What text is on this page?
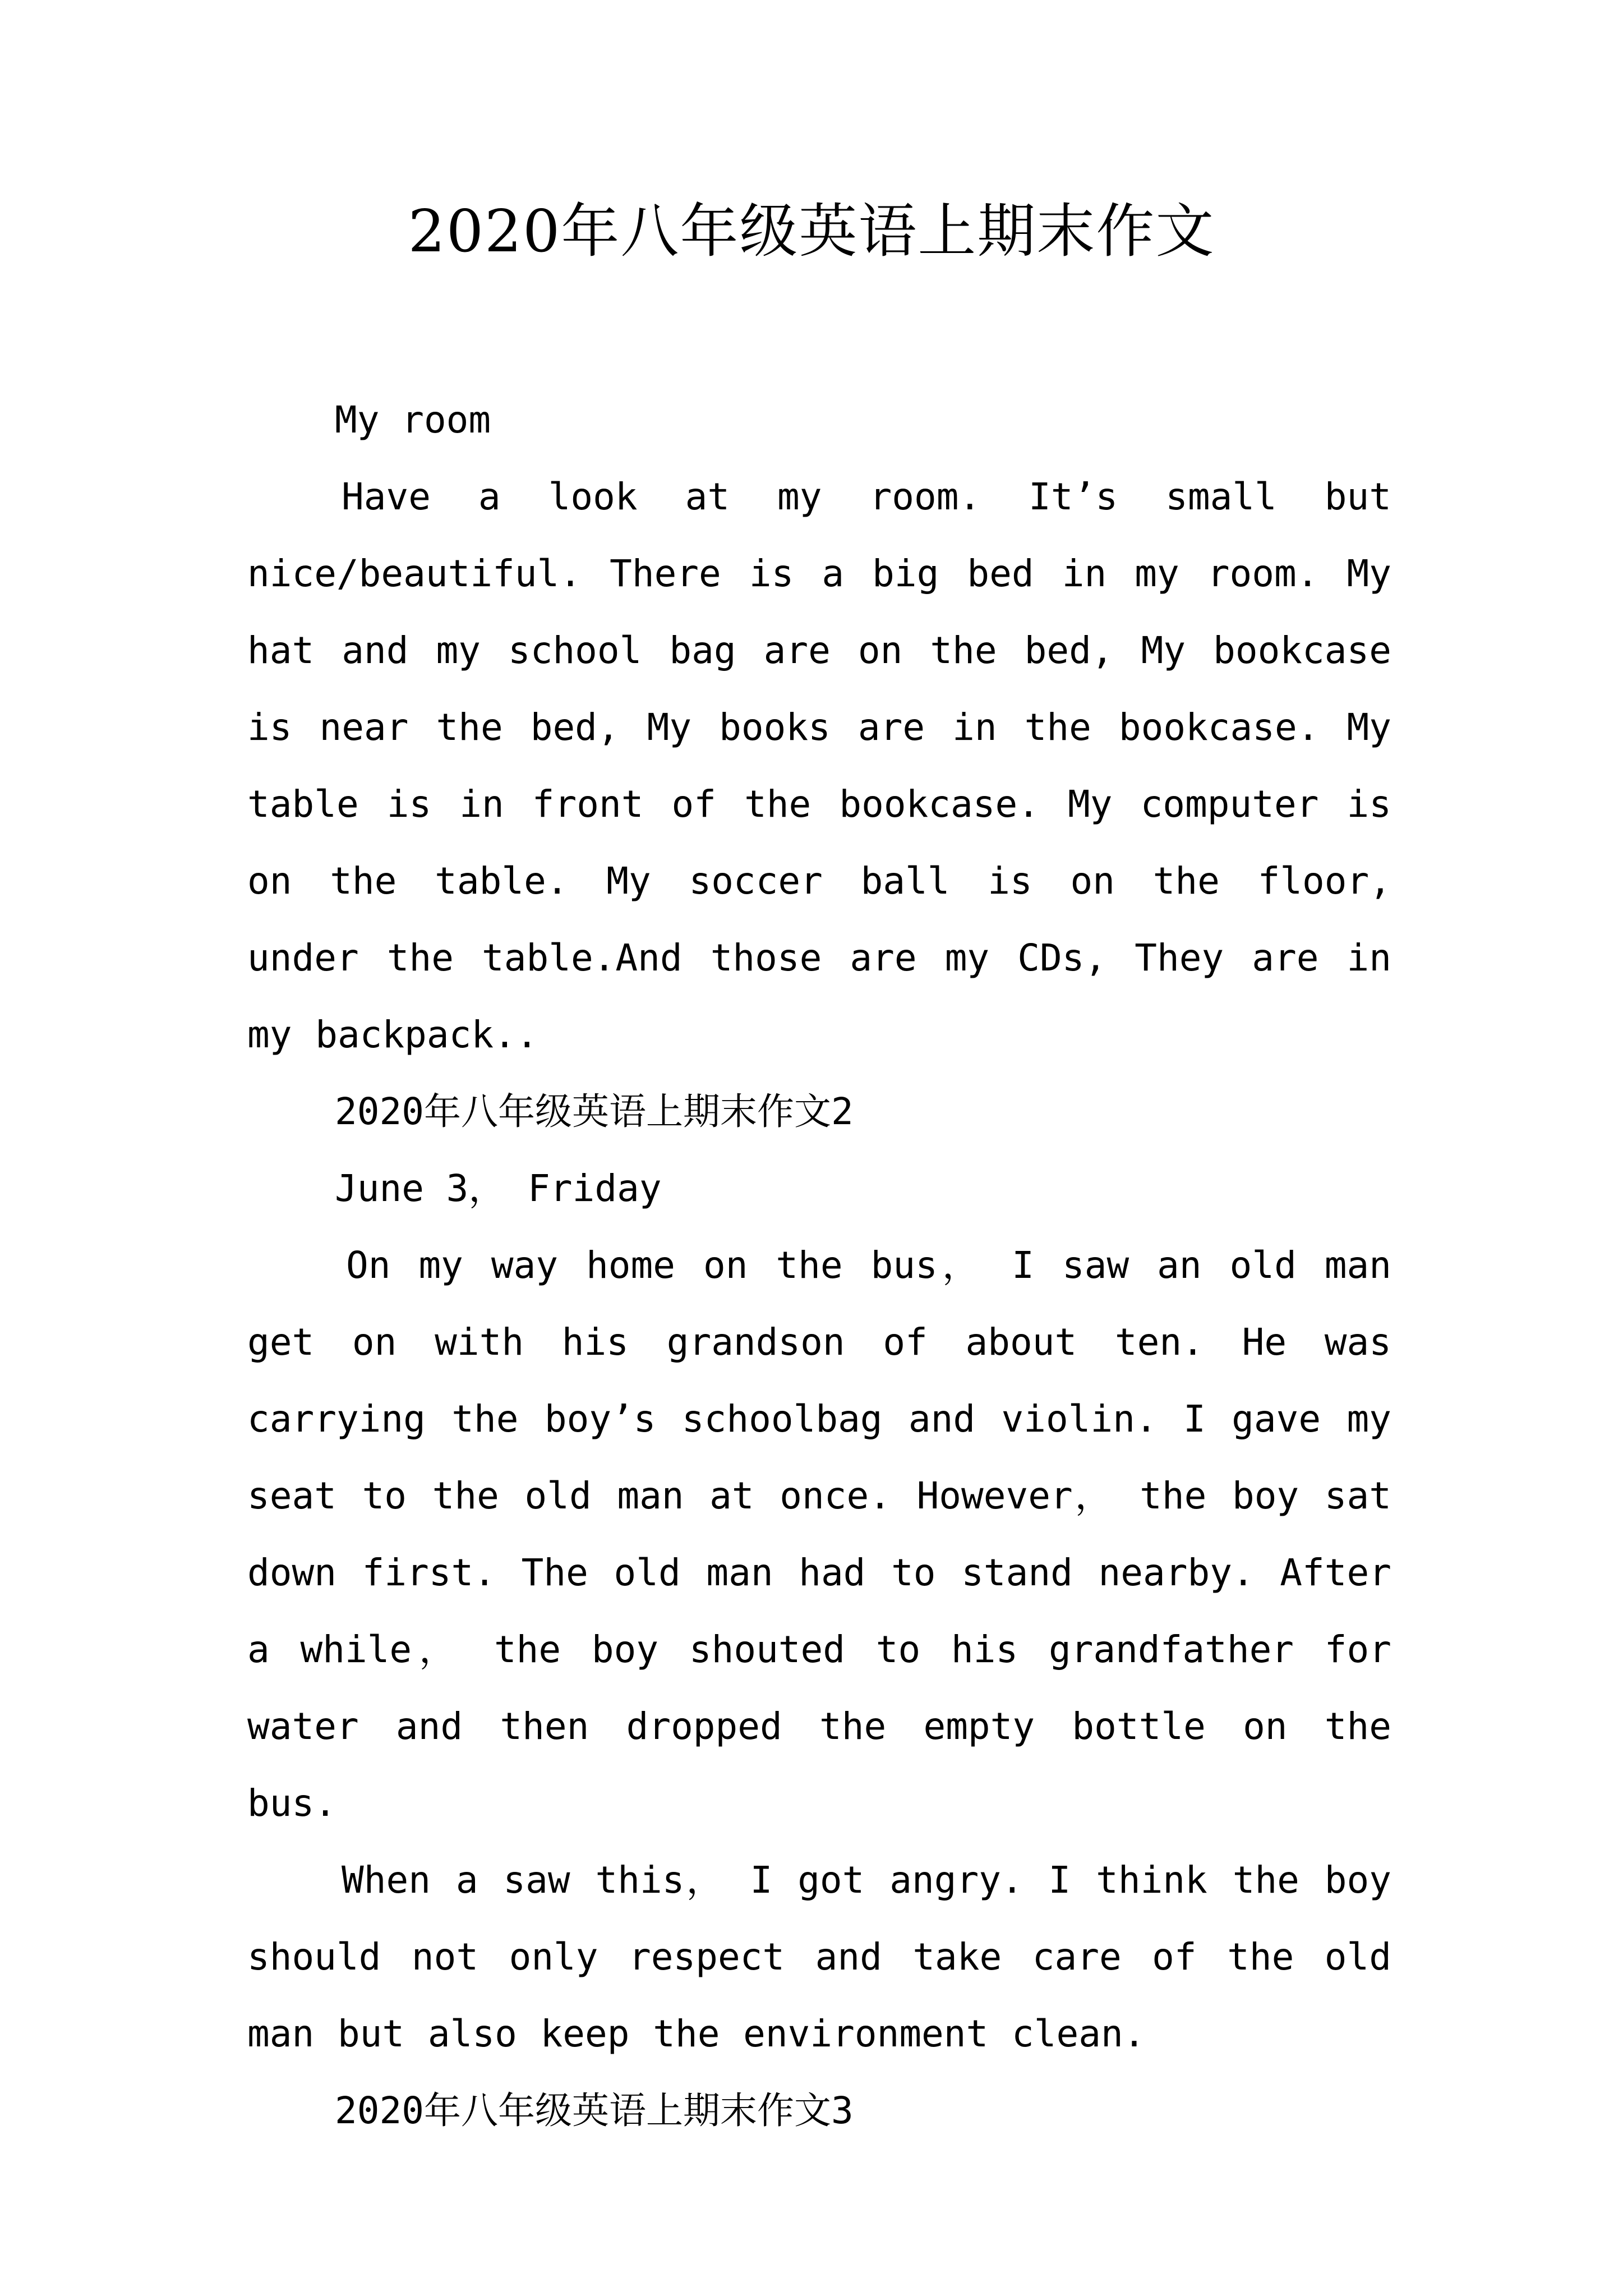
2020年八年级英语上期末作文

My room

Have a look at my room. It’s small but nice/beautiful. There is a big bed in my room. My hat and my school bag are on the bed, My bookcase is near the bed, My books are in the bookcase. My table is in front of the bookcase. My computer is on the table. My soccer ball is on the floor, under the table.And those are my CDs, They are in my backpack..

2020年八年级英语上期末作文2

June 3， Friday

On my way home on the bus， I saw an old man get on with his grandson of about ten. He was carrying the boy’s schoolbag and violin. I gave my seat to the old man at once. However， the boy sat down first. The old man had to stand nearby. After a while， the boy shouted to his grandfather for water and then dropped the empty bottle on the bus.

When a saw this， I got angry. I think the boy should not only respect and take care of the old man but also keep the environment clean.

2020年八年级英语上期末作文3
